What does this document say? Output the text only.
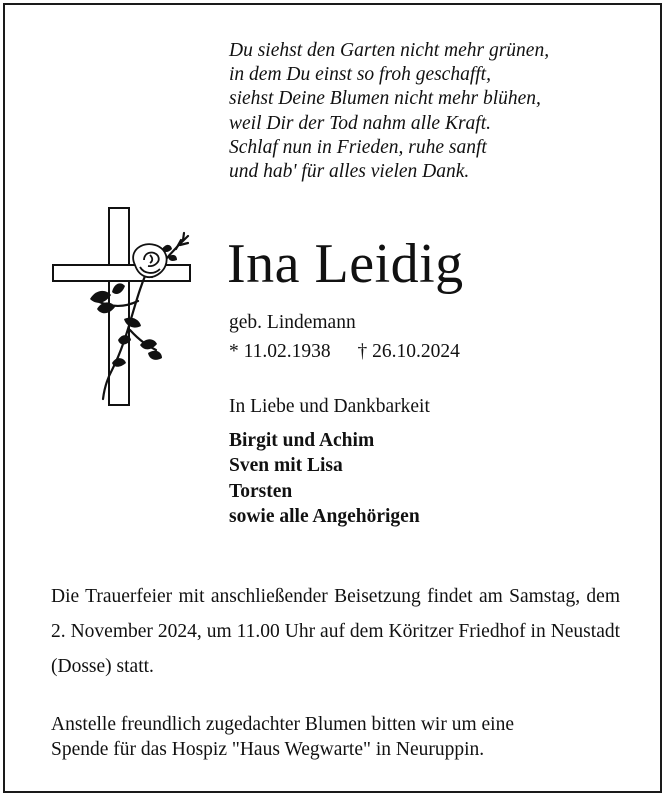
Du siehst den Garten nicht mehr grünen,
in dem Du einst so froh geschafft,
siehst Deine Blumen nicht mehr blühen,
weil Dir der Tod nahm alle Kraft.
Schlaf nun in Frieden, ruhe sanft
und hab' für alles vielen Dank.
Ina Leidig
geb. Lindemann
* 11.02.1938 † 26.10.2024
In Liebe und Dankbarkeit
Birgit und Achim
Sven mit Lisa
Torsten
sowie alle Angehörigen
Die Trauerfeier mit anschließender Beisetzung findet am Samstag, dem 2. November 2024, um 11.00 Uhr auf dem Köritzer Friedhof in Neustadt (Dosse) statt.
Anstelle freundlich zugedachter Blumen bitten wir um eine
Spende für das Hospiz "Haus Wegwarte" in Neuruppin.
